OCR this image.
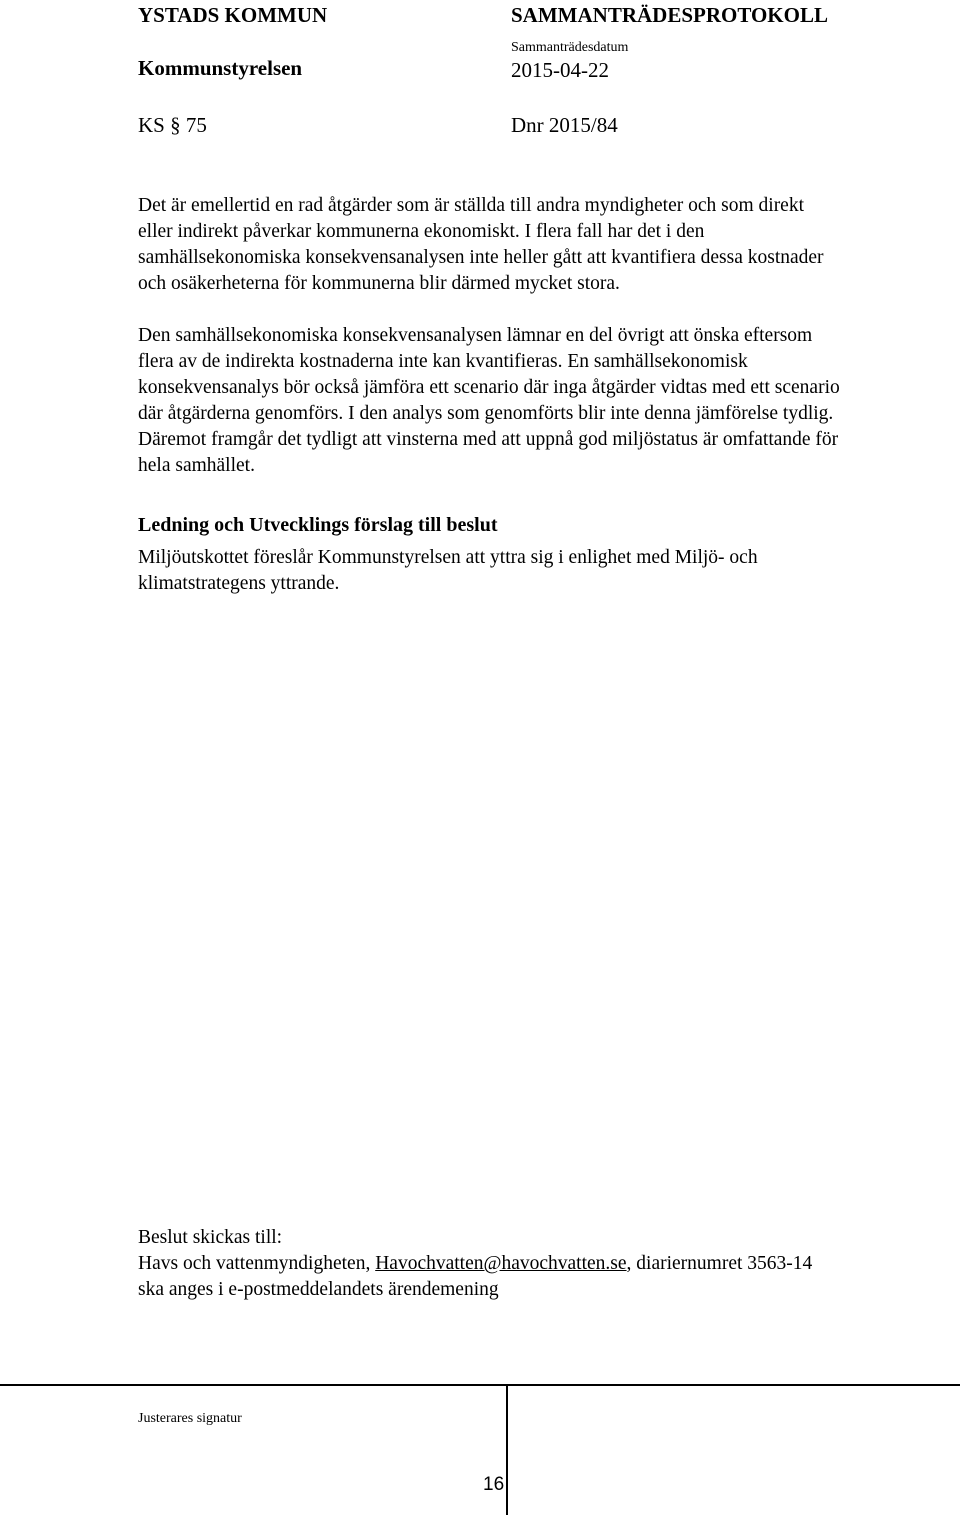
YSTADS KOMMUN	SAMMANTRÄDESPROTOKOLL
Sammanträdesdatum
Kommunstyrelsen	2015-04-22
KS § 75	Dnr 2015/84
Det är emellertid en rad åtgärder som är ställda till andra myndigheter och som direkt
eller indirekt påverkar kommunerna ekonomiskt. I flera fall har det i den
samhällsekonomiska konsekvensanalysen inte heller gått att kvantifiera dessa kostnader
och osäkerheterna för kommunerna blir därmed mycket stora.
Den samhällsekonomiska konsekvensanalysen lämnar en del övrigt att önska eftersom
flera av de indirekta kostnaderna inte kan kvantifieras. En samhällsekonomisk
konsekvensanalys bör också jämföra ett scenario där inga åtgärder vidtas med ett scenario
där åtgärderna genomförs. I den analys som genomförts blir inte denna jämförelse tydlig.
Däremot framgår det tydligt att vinsterna med att uppnå god miljöstatus är omfattande för
hela samhället.
Ledning och Utvecklings förslag till beslut
Miljöutskottet föreslår Kommunstyrelsen att yttra sig i enlighet med Miljö- och
klimatstrategens yttrande.
Beslut skickas till:
Havs och vattenmyndigheten, Havochvatten@havochvatten.se, diariernumret 3563-14
ska anges i e-postmeddelandets ärendemening
Justerares signatur
16
